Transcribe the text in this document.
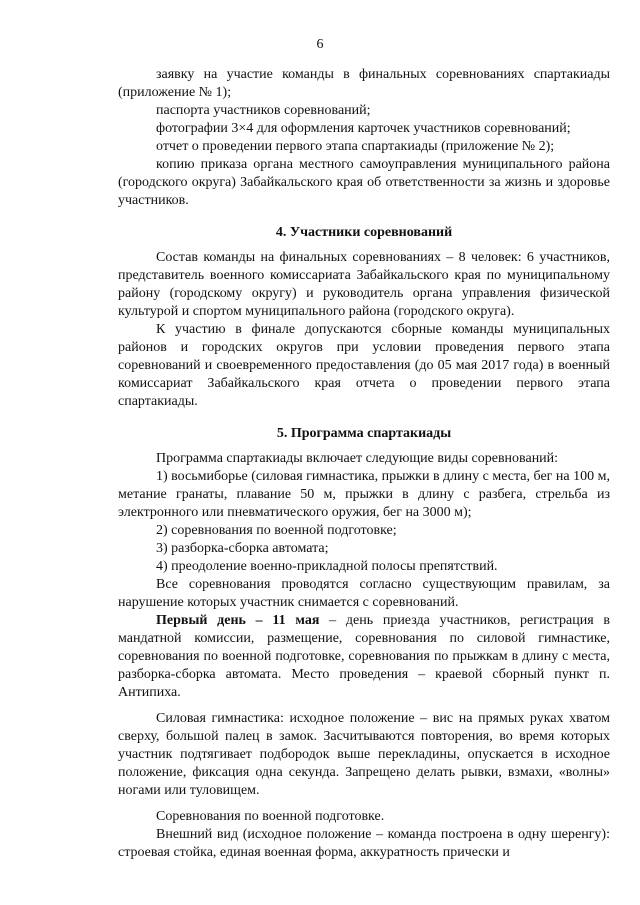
6

заявку на участие команды в финальных соревнованиях спартакиады (приложение № 1);

паспорта участников соревнований;

фотографии 3×4 для оформления карточек участников соревнований;

отчет о проведении первого этапа спартакиады (приложение № 2);

копию приказа органа местного самоуправления муниципального района (городского округа) Забайкальского края об ответственности за жизнь и здоровье участников.

4. Участники соревнований

Состав команды на финальных соревнованиях – 8 человек: 6 участников, представитель военного комиссариата Забайкальского края по муниципальному району (городскому округу) и руководитель органа управления физической культурой и спортом муниципального района (городского округа).

К участию в финале допускаются сборные команды муниципальных районов и городских округов при условии проведения первого этапа соревнований и своевременного предоставления (до 05 мая 2017 года) в военный комиссариат Забайкальского края отчета о проведении первого этапа спартакиады.

5. Программа спартакиады

Программа спартакиады включает следующие виды соревнований:

1) восьмиборье (силовая гимнастика, прыжки в длину с места, бег на 100 м, метание гранаты, плавание 50 м, прыжки в длину с разбега, стрельба из электронного или пневматического оружия, бег на 3000 м);

2) соревнования по военной подготовке;

3) разборка-сборка автомата;

4) преодоление военно-прикладной полосы препятствий.

Все соревнования проводятся согласно существующим правилам, за нарушение которых участник снимается с соревнований.

Первый день – 11 мая – день приезда участников, регистрация в мандатной комиссии, размещение, соревнования по силовой гимнастике, соревнования по военной подготовке, соревнования по прыжкам в длину с места, разборка-сборка автомата. Место проведения – краевой сборный пункт п. Антипиха.

Силовая гимнастика: исходное положение – вис на прямых руках хватом сверху, большой палец в замок. Засчитываются повторения, во время которых участник подтягивает подбородок выше перекладины, опускается в исходное положение, фиксация одна секунда. Запрещено делать рывки, взмахи, «волны» ногами или туловищем.

Соревнования по военной подготовке.

Внешний вид (исходное положение – команда построена в одну шеренгу): строевая стойка, единая военная форма, аккуратность прически и
